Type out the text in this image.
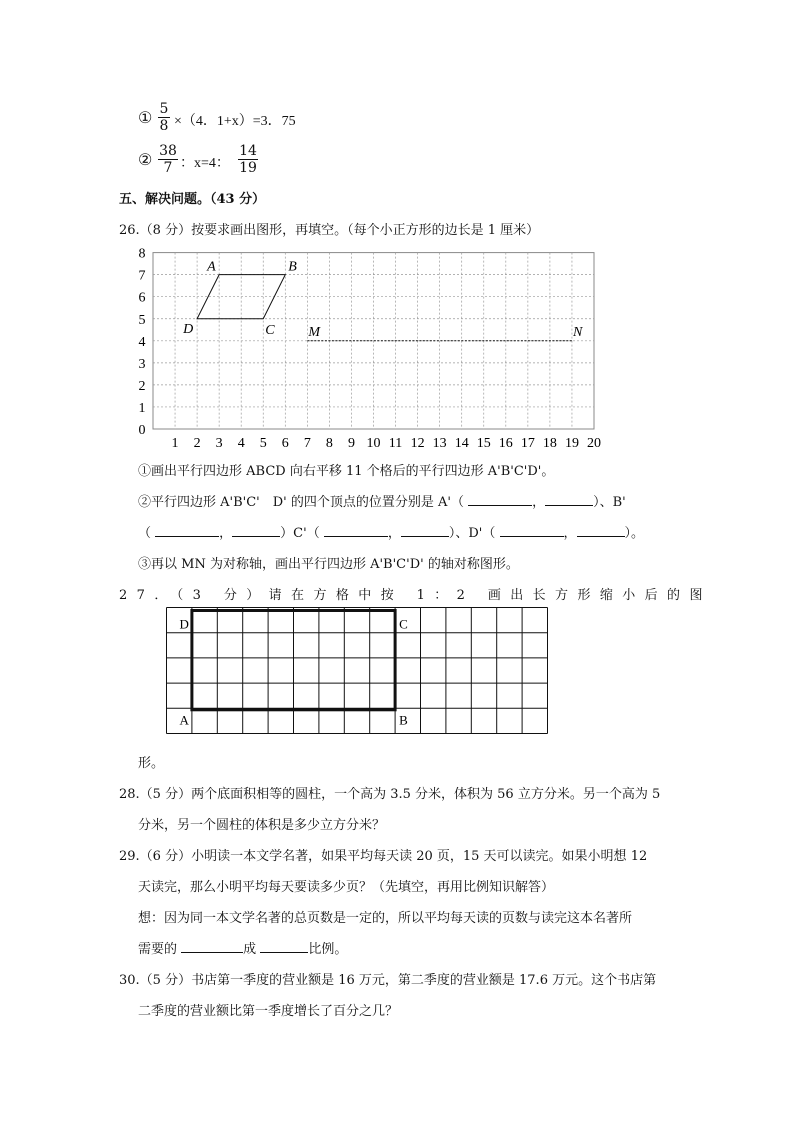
① $\frac{5}{8} \times(4$．1+x）=3．75
② $\frac{38}{7}$ ：x=4： $\frac{14}{19}$
五、解决问题。（43 分）
26.（8 分）按要求画出图形，再填空。（每个小正方形的边长是 1 厘米）
1 2 3 4 5 6 7 8 9 10 11 12 13 14 15 16 17 18 19 20
0
1
2
3
4
5
6
7
8
A	B
C
D	M	N
①画出平行四边形 ABCD 向右平移 11 个格后的平行四边形 A'B'C'D'。
②平行四边形 A'B'C'　D' 的四个顶点的位置分别是 A'（	，	）、B'
（	，	）C'（	，	）、D'（	，	）。
③再以 MN 为对称轴，画出平行四边形 A'B'C'D' 的轴对称图形。
27．（3 分）请在方格中按 1：2 画出长方形缩小后的图
D	C
A	B
形。
28.（5 分）两个底面积相等的圆柱，一个高为 3.5 分米，体积为 56 立方分米。另一个高为 5
分米，另一个圆柱的体积是多少立方分米？
29.（6 分）小明读一本文学名著，如果平均每天读 20 页，15 天可以读完。如果小明想 12
天读完，那么小明平均每天要读多少页？（先填空，再用比例知识解答）
想：因为同一本文学名著的总页数是一定的，所以平均每天读的页数与读完这本名著所
需要的	成	比例。
30.（5 分）书店第一季度的营业额是 16 万元，第二季度的营业额是 17.6 万元。这个书店第
二季度的营业额比第一季度增长了百分之几？
